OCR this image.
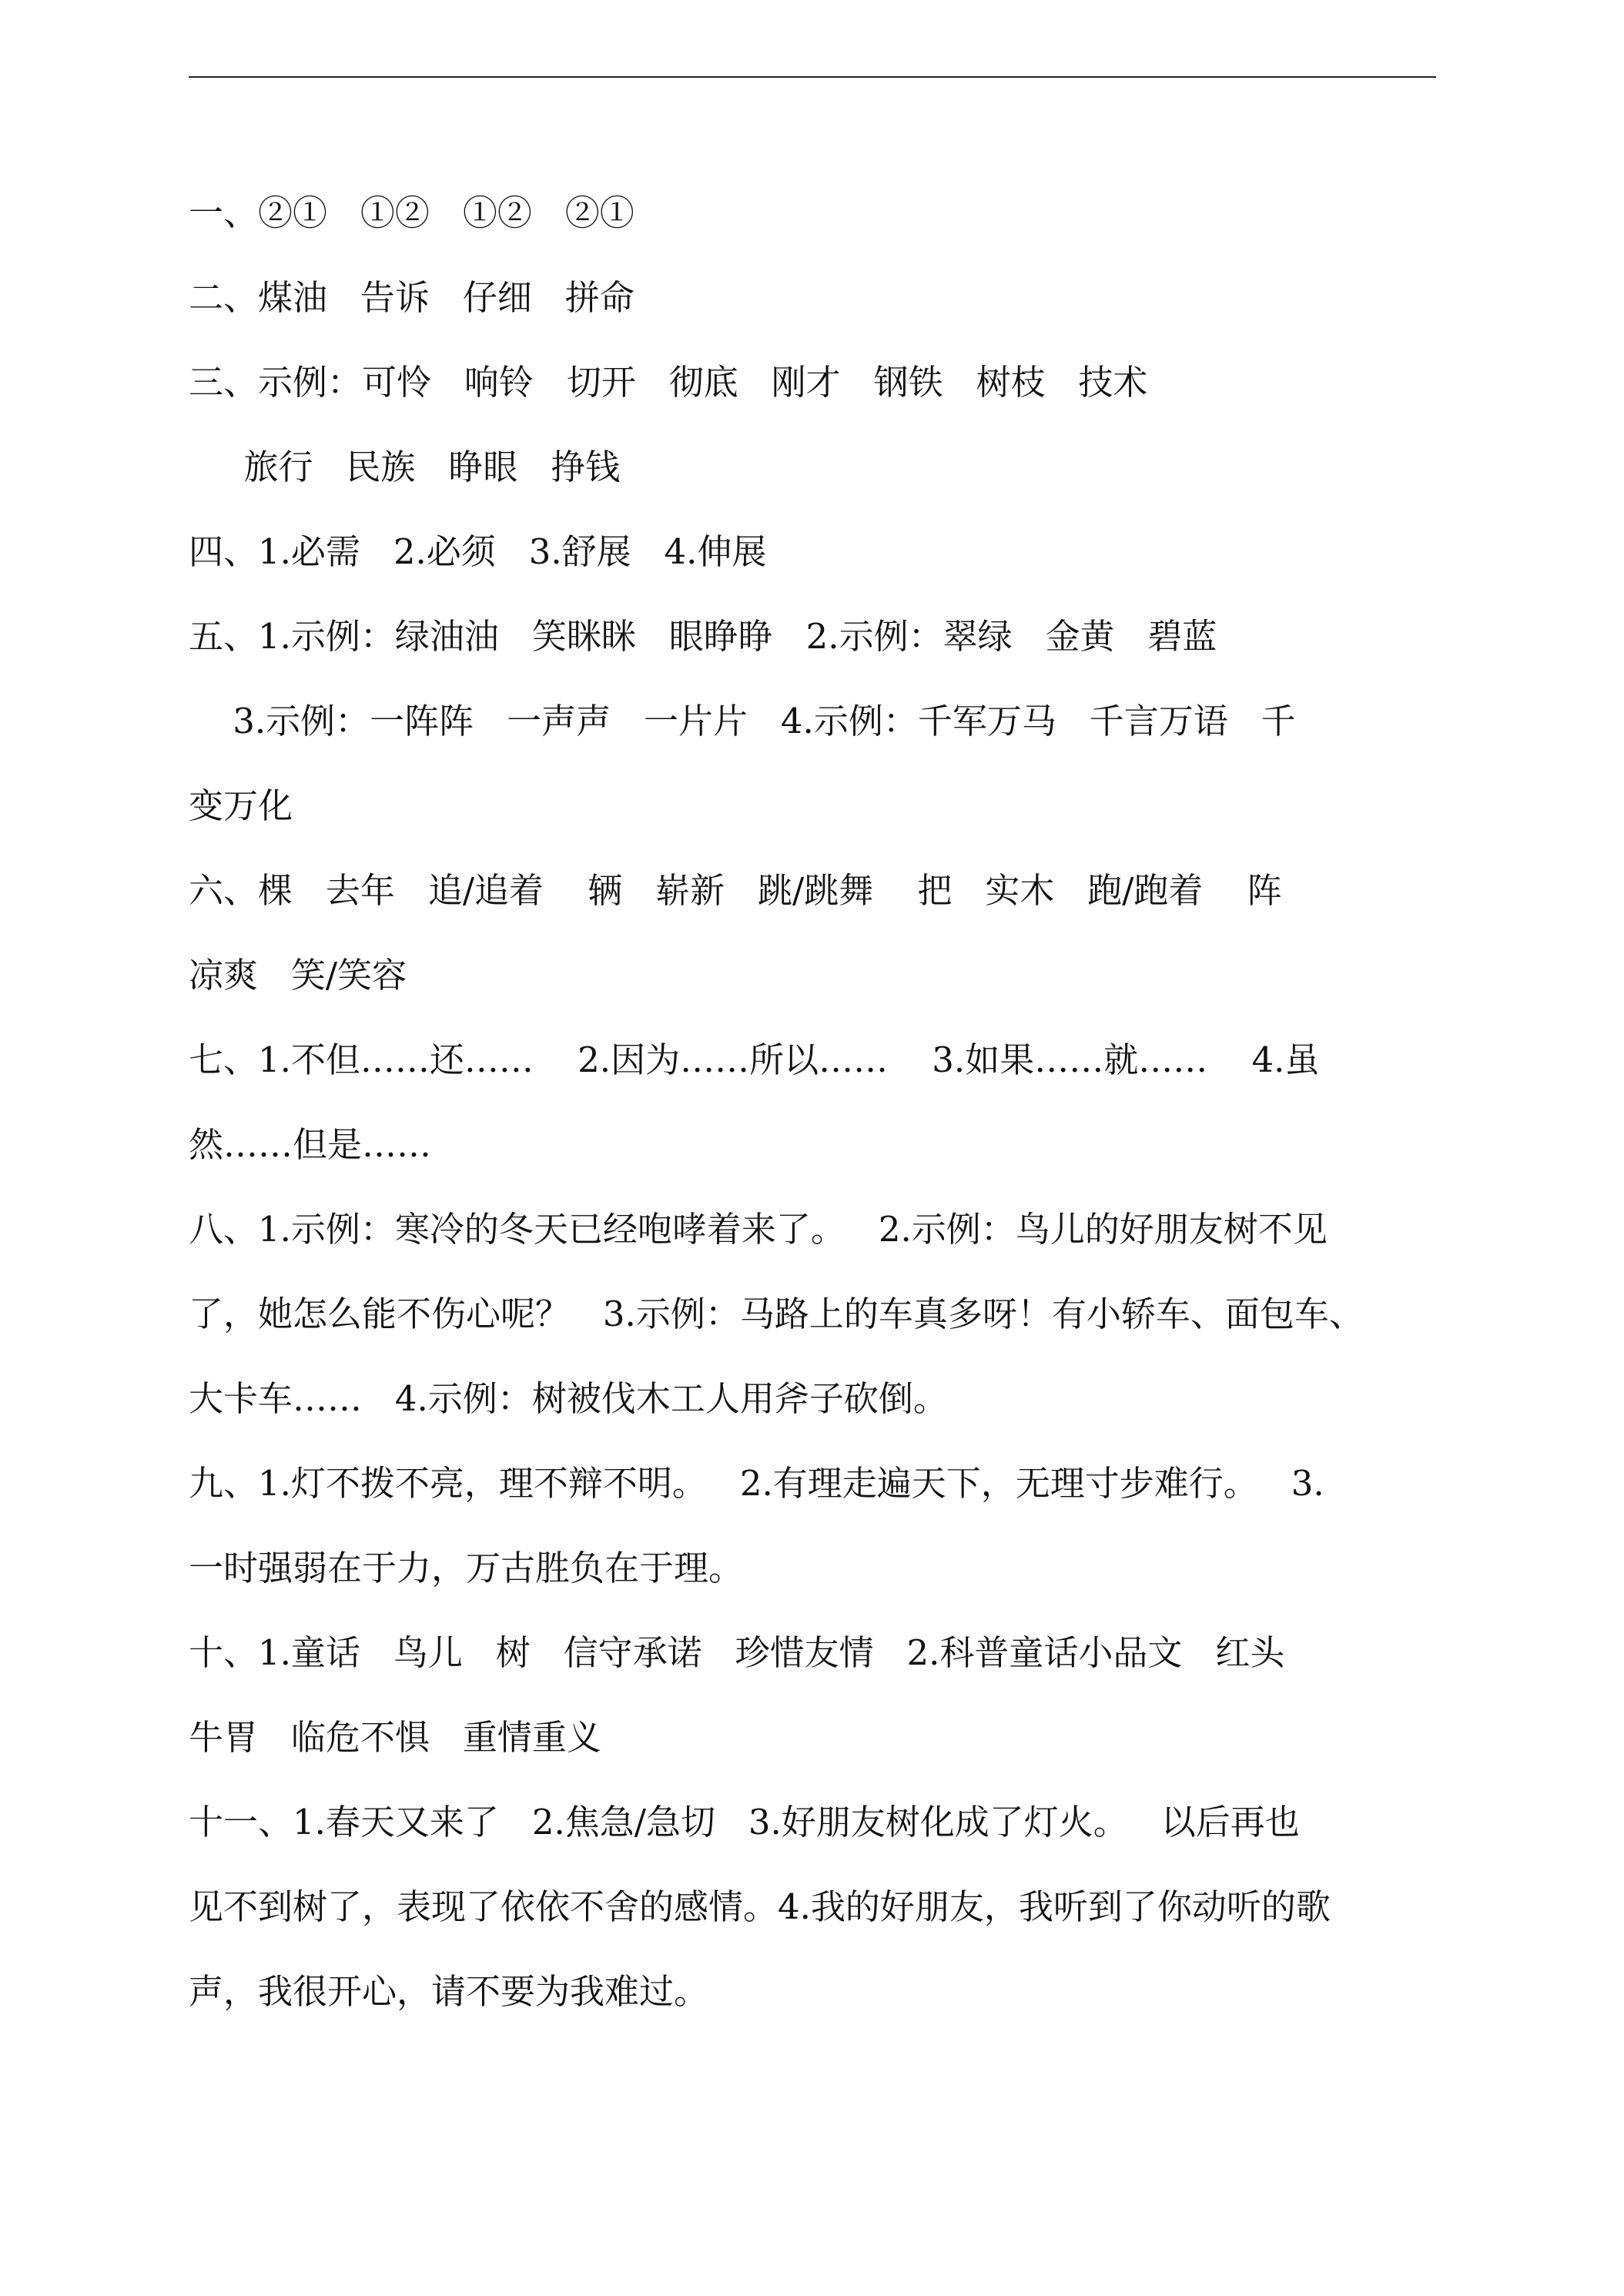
一、②①   ①②   ①②   ②①
二、煤油   告诉   仔细   拼命
三、示例：可怜   响铃   切开   彻底   刚才   钢铁   树枝   技术
旅行   民族   睁眼   挣钱
四、1.必需   2.必须   3.舒展   4.伸展
五、1.示例：绿油油   笑眯眯   眼睁睁   2.示例：翠绿   金黄   碧蓝
3.示例：一阵阵   一声声   一片片   4.示例：千军万马   千言万语   千
变万化
六、棵   去年   追/追着    辆   崭新   跳/跳舞    把   实木   跑/跑着    阵
凉爽   笑/笑容
七、1.不但……还……    2.因为……所以……    3.如果……就……    4.虽
然……但是……
八、1.示例：寒冷的冬天已经咆哮着来了。   2.示例：鸟儿的好朋友树不见
了，她怎么能不伤心呢？   3.示例：马路上的车真多呀！有小轿车、面包车、
大卡车……   4.示例：树被伐木工人用斧子砍倒。
九、1.灯不拨不亮，理不辩不明。   2.有理走遍天下，无理寸步难行。   3.
一时强弱在于力，万古胜负在于理。
十、1.童话   鸟儿   树   信守承诺   珍惜友情   2.科普童话小品文   红头
牛胃   临危不惧   重情重义
十一、1.春天又来了   2.焦急/急切   3.好朋友树化成了灯火。   以后再也
见不到树了，表现了依依不舍的感情。4.我的好朋友，我听到了你动听的歌
声，我很开心，请不要为我难过。
